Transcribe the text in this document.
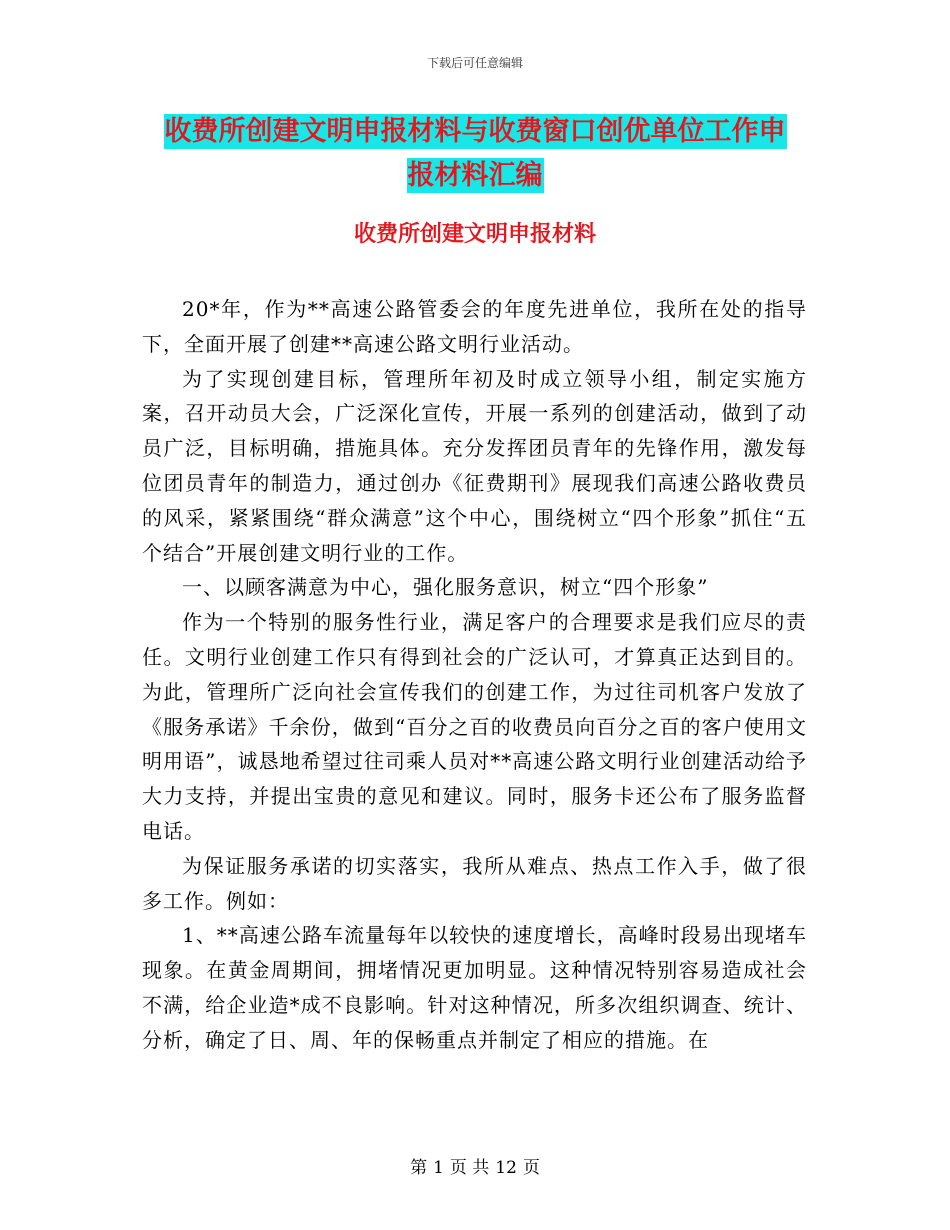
下载后可任意编辑
收费所创建文明申报材料与收费窗口创优单位工作申
报材料汇编
收费所创建文明申报材料

20*年，作为**高速公路管委会的年度先进单位，我所在处的指导下，全面开展了创建**高速公路文明行业活动。

为了实现创建目标，管理所年初及时成立领导小组，制定实施方案，召开动员大会，广泛深化宣传，开展一系列的创建活动，做到了动员广泛，目标明确，措施具体。充分发挥团员青年的先锋作用，激发每位团员青年的制造力，通过创办《征费期刊》展现我们高速公路收费员的风采，紧紧围绕“群众满意”这个中心，围绕树立“四个形象”抓住“五个结合”开展创建文明行业的工作。

一、以顾客满意为中心，强化服务意识，树立“四个形象”

作为一个特别的服务性行业，满足客户的合理要求是我们应尽的责任。文明行业创建工作只有得到社会的广泛认可，才算真正达到目的。为此，管理所广泛向社会宣传我们的创建工作，为过往司机客户发放了《服务承诺》千余份，做到“百分之百的收费员向百分之百的客户使用文明用语”，诚恳地希望过往司乘人员对**高速公路文明行业创建活动给予大力支持，并提出宝贵的意见和建议。同时，服务卡还公布了服务监督电话。

为保证服务承诺的切实落实，我所从难点、热点工作入手，做了很多工作。例如：

1、**高速公路车流量每年以较快的速度增长，高峰时段易出现堵车现象。在黄金周期间，拥堵情况更加明显。这种情况特别容易造成社会不满，给企业造*成不良影响。针对这种情况，所多次组织调查、统计、分析，确定了日、周、年的保畅重点并制定了相应的措施。在

第 1 页 共 12 页
